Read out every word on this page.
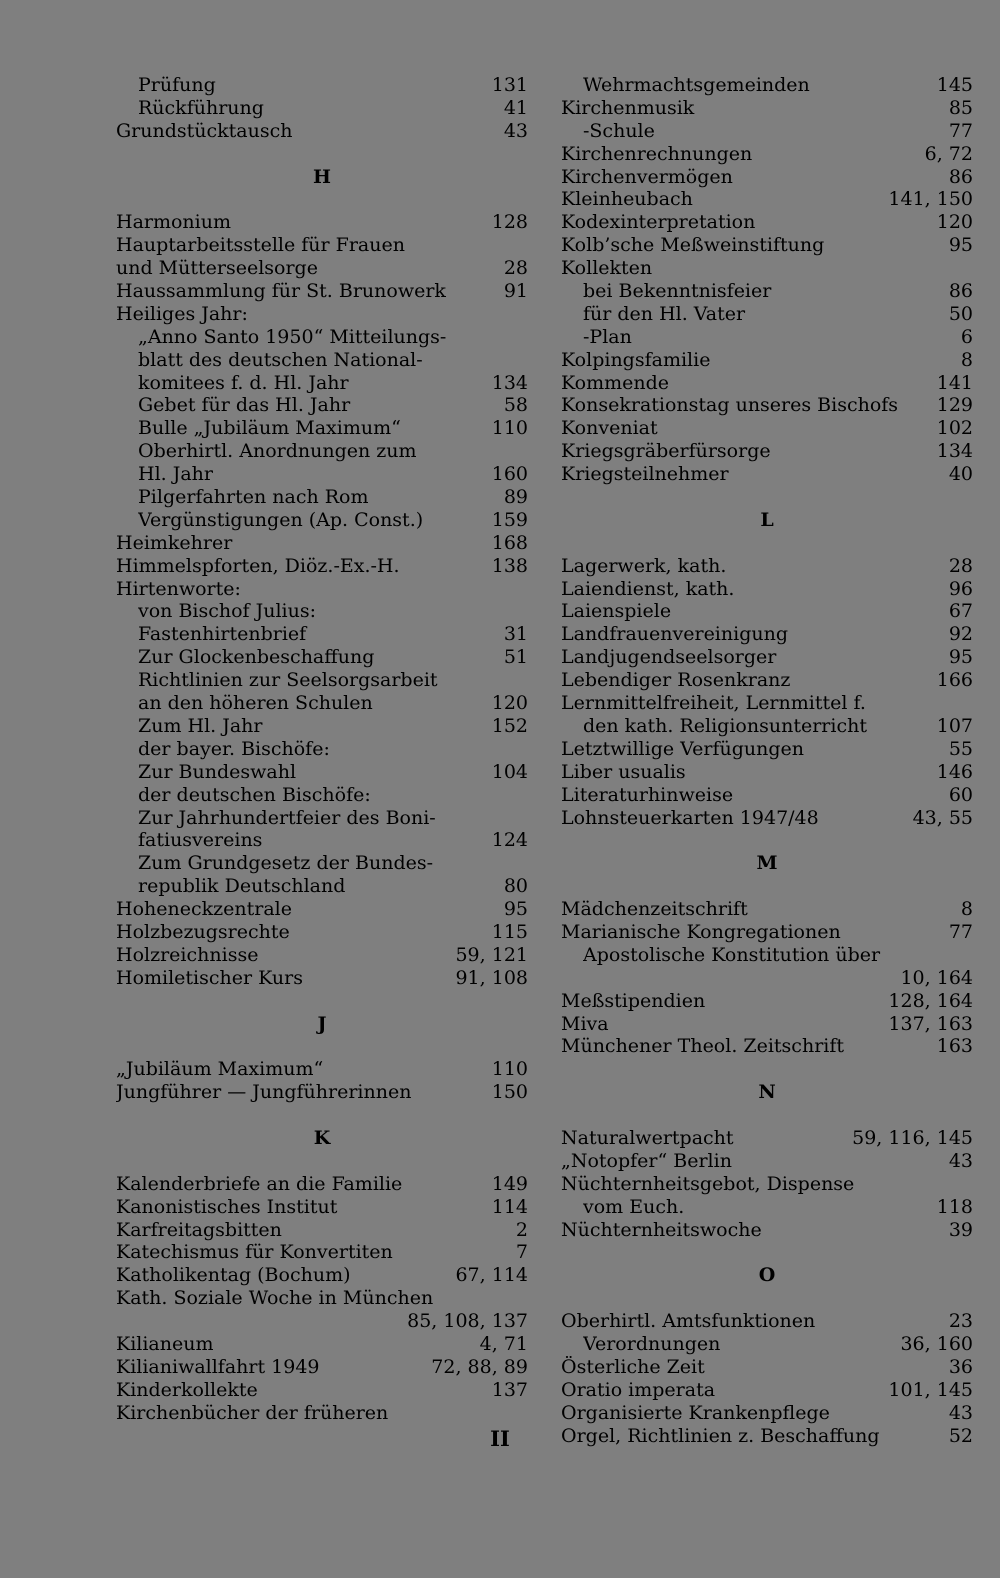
Prüfung	131
Rückführung	41
Grundstücktausch	43
H
Harmonium	128
Hauptarbeitsstelle für Frauen
und Mütterseelsorge	28
Haussammlung für St. Brunowerk	91
Heiliges Jahr:
„Anno Santo 1950“ Mitteilungs-
blatt des deutschen National-
komitees f. d. Hl. Jahr	134
Gebet für das Hl. Jahr	58
Bulle „Jubiläum Maximum“	110
Oberhirtl. Anordnungen zum
Hl. Jahr	160
Pilgerfahrten nach Rom	89
Vergünstigungen (Ap. Const.)	159
Heimkehrer	168
Himmelspforten, Diöz.-Ex.-H.	138
Hirtenworte:
von Bischof Julius:
Fastenhirtenbrief	31
Zur Glockenbeschaffung	51
Richtlinien zur Seelsorgsarbeit
an den höheren Schulen	120
Zum Hl. Jahr	152
der bayer. Bischöfe:
Zur Bundeswahl	104
der deutschen Bischöfe:
Zur Jahrhundertfeier des Boni-
fatiusvereins	124
Zum Grundgesetz der Bundes-
republik Deutschland	80
Hoheneckzentrale	95
Holzbezugsrechte	115
Holzreichnisse	59, 121
Homiletischer Kurs	91, 108
J
„Jubiläum Maximum“	110
Jungführer — Jungführerinnen	150
K
Kalenderbriefe an die Familie	149
Kanonistisches Institut	114
Karfreitagsbitten	2
Katechismus für Konvertiten	7
Katholikentag (Bochum)	67, 114
Kath. Soziale Woche in München
85, 108, 137
Kilianeum	4, 71
Kilianiwallfahrt 1949	72, 88, 89
Kinderkollekte	137
Kirchenbücher der früheren
Wehrmachtsgemeinden	145
Kirchenmusik	85
-Schule	77
Kirchenrechnungen	6, 72
Kirchenvermögen	86
Kleinheubach	141, 150
Kodexinterpretation	120
Kolb’sche Meßweinstiftung	95
Kollekten
bei Bekenntnisfeier	86
für den Hl. Vater	50
-Plan	6
Kolpingsfamilie	8
Kommende	141
Konsekrationstag unseres Bischofs	129
Konveniat	102
Kriegsgräberfürsorge	134
Kriegsteilnehmer	40
L
Lagerwerk, kath.	28
Laiendienst, kath.	96
Laienspiele	67
Landfrauenvereinigung	92
Landjugendseelsorger	95
Lebendiger Rosenkranz	166
Lernmittelfreiheit, Lernmittel f.
den kath. Religionsunterricht	107
Letztwillige Verfügungen	55
Liber usualis	146
Literaturhinweise	60
Lohnsteuerkarten 1947/48	43, 55
M
Mädchenzeitschrift	8
Marianische Kongregationen	77
Apostolische Konstitution über
10, 164
Meßstipendien	128, 164
Miva	137, 163
Münchener Theol. Zeitschrift	163
N
Naturalwertpacht	59, 116, 145
„Notopfer“ Berlin	43
Nüchternheitsgebot, Dispense
vom Euch.	118
Nüchternheitswoche	39
O
Oberhirtl. Amtsfunktionen	23
Verordnungen	36, 160
Österliche Zeit	36
Oratio imperata	101, 145
Organisierte Krankenpflege	43
Orgel, Richtlinien z. Beschaffung	52
II
